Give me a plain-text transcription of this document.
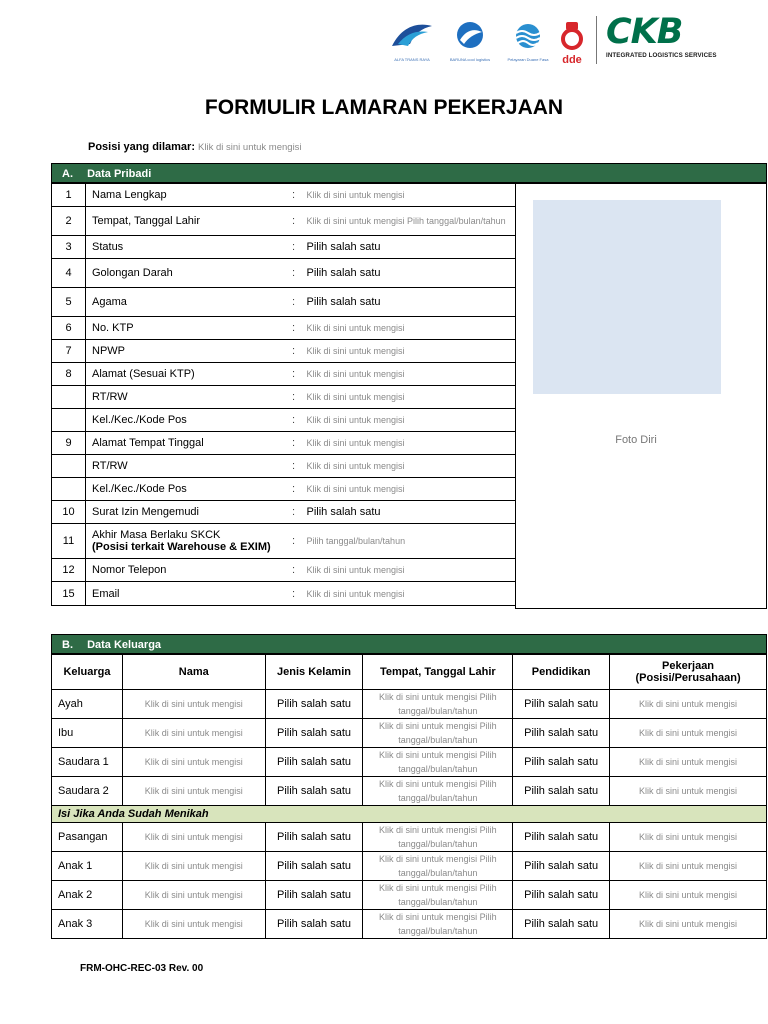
ALFA TRANS RAYA	BARUNA cool logistics	Pelayaran Duane Fasa	dde
CKB
INTEGRATED LOGISTICS SERVICES
FORMULIR LAMARAN PEKERJAAN
Posisi yang dilamar: Klik di sini untuk mengisi
A. Data Pribadi
1	Nama Lengkap	:	Klik di sini untuk mengisi
2	Tempat, Tanggal Lahir	:	Klik di sini untuk mengisi Pilih tanggal/bulan/tahun
3	Status	:	Pilih salah satu
4	Golongan Darah	:	Pilih salah satu
5	Agama	:	Pilih salah satu
6	No. KTP	:	Klik di sini untuk mengisi
7	NPWP	:	Klik di sini untuk mengisi
8	Alamat (Sesuai KTP)	:	Klik di sini untuk mengisi

	RT/RW	:	Klik di sini untuk mengisi

	Kel./Kec./Kode Pos	:	Klik di sini untuk mengisi
9	Alamat Tempat Tinggal	:	Klik di sini untuk mengisi

	RT/RW	:	Klik di sini untuk mengisi

	Kel./Kec./Kode Pos	:	Klik di sini untuk mengisi
10	Surat Izin Mengemudi	:	Pilih salah satu
11	Akhir Masa Berlaku SKCK
(Posisi terkait Warehouse & EXIM)	:	Pilih tanggal/bulan/tahun
12	Nomor Telepon	:	Klik di sini untuk mengisi
15	Email	:	Klik di sini untuk mengisi
Foto Diri
B. Data Keluarga
Keluarga	Nama	Jenis Kelamin	Tempat, Tanggal Lahir	Pendidikan	Pekerjaan
(Posisi/Perusahaan)

Ayah	Klik di sini untuk mengisi	Pilih salah satu	Klik di sini untuk mengisi Pilih
tanggal/bulan/tahun	Pilih salah satu	Klik di sini untuk mengisi
Ibu	Klik di sini untuk mengisi	Pilih salah satu	Klik di sini untuk mengisi Pilih
tanggal/bulan/tahun	Pilih salah satu	Klik di sini untuk mengisi
Saudara 1	Klik di sini untuk mengisi	Pilih salah satu	Klik di sini untuk mengisi Pilih
tanggal/bulan/tahun	Pilih salah satu	Klik di sini untuk mengisi
Saudara 2	Klik di sini untuk mengisi	Pilih salah satu	Klik di sini untuk mengisi Pilih
tanggal/bulan/tahun	Pilih salah satu	Klik di sini untuk mengisi
Isi Jika Anda Sudah Menikah					
Pasangan	Klik di sini untuk mengisi	Pilih salah satu	Klik di sini untuk mengisi Pilih
tanggal/bulan/tahun	Pilih salah satu	Klik di sini untuk mengisi
Anak 1	Klik di sini untuk mengisi	Pilih salah satu	Klik di sini untuk mengisi Pilih
tanggal/bulan/tahun	Pilih salah satu	Klik di sini untuk mengisi
Anak 2	Klik di sini untuk mengisi	Pilih salah satu	Klik di sini untuk mengisi Pilih
tanggal/bulan/tahun	Pilih salah satu	Klik di sini untuk mengisi
Anak 3	Klik di sini untuk mengisi	Pilih salah satu	Klik di sini untuk mengisi Pilih
tanggal/bulan/tahun	Pilih salah satu	Klik di sini untuk mengisi
FRM-OHC-REC-03 Rev. 00
